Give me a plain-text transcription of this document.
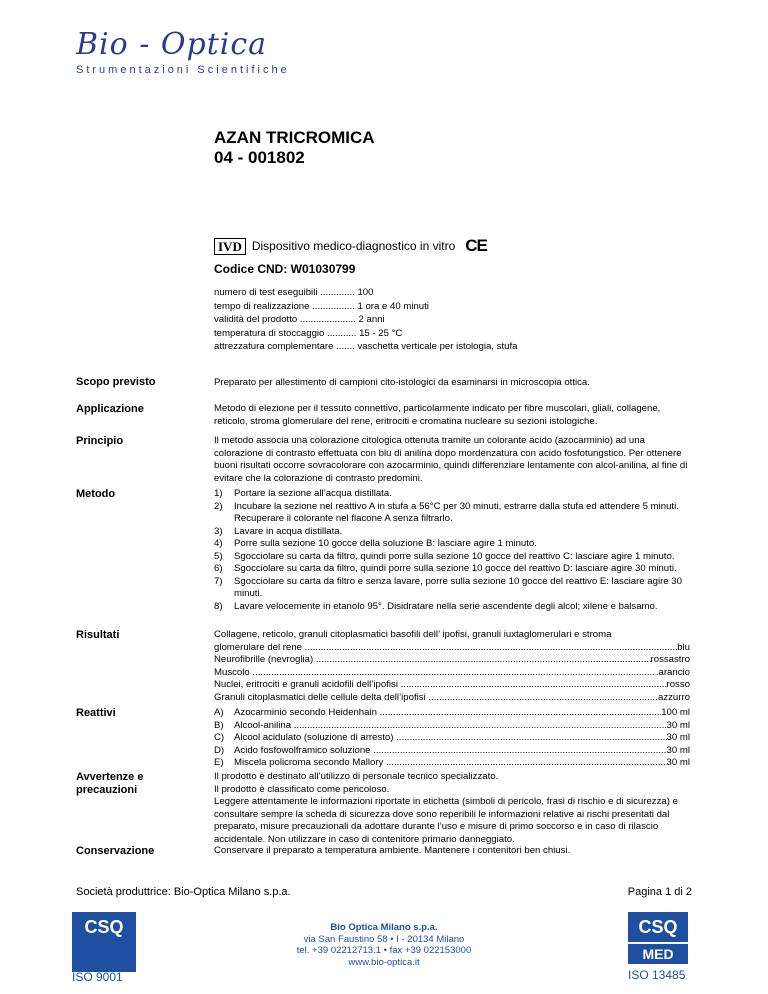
Bio - Optica
Strumentazioni Scientifiche
AZAN TRICROMICA
04 - 001802
IVD Dispositivo medico-diagnostico in vitro CE
Codice CND: W01030799
numero di test eseguibili ............. 100
tempo di realizzazione ................ 1 ora e 40 minuti
validità del prodotto ..................... 2 anni
temperatura di stoccaggio ........... 15 - 25 °C
attrezzatura complementare ....... vaschetta verticale per istologia, stufa
Scopo previsto	Preparato per allestimento di campioni cito-istologici da esaminarsi in microscopia ottica.
Applicazione	Metodo di elezione per il tessuto connettivo, particolarmente indicato per fibre muscolari, gliali, collagene, reticolo, stroma glomerulare del rene, eritrociti e cromatina nucleare su sezioni istologiche.
Principio	Il metodo associa una colorazione citologica ottenuta tramite un colorante acido (azocarminio) ad una colorazione di contrasto effettuata con blu di anilina dopo mordenzatura con acido fosfotungstico. Per ottenere buoni risultati occorre sovracolorare con azocarminio, quindi differenziare lentamente con alcol-anilina, al fine di evitare che la colorazione di contrasto predomini.
Metodo	1)	Portare la sezione all’acqua distillata.
2)	Incubare la sezione nel reattivo A in stufa a 56°C per 30 minuti, estrarre dalla stufa ed attendere 5 minuti. Recuperare il colorante nel flacone A senza filtrarlo.
3)	Lavare in acqua distillata.
4)	Porre sulla sezione 10 gocce della soluzione B: lasciare agire 1 minuto.
5)	Sgocciolare su carta da filtro, quindi porre sulla sezione 10 gocce del reattivo C: lasciare agire 1 minuto.
6)	Sgocciolare su carta da filtro, quindi porre sulla sezione 10 gocce del reattivo D: lasciare agire 30 minuti.
7)	Sgocciolare su carta da filtro e senza lavare, porre sulla sezione 10 gocce del reattivo E: lasciare agire 30 minuti.
8)	Lavare velocemente in etanolo 95°. Disidratare nella serie ascendente degli alcol; xilene e balsamo.
Risultati	Collagene, reticolo, granuli citoplasmatici basofili dell’ ipofisi, granuli iuxtaglomerulari e stroma
glomerulare del rene .....	blu
Neurofibrille (nevroglia) .....	rossastro
Muscolo .....	.arancio
Nuclei, eritrociti e granuli acidofili dell’ipofisi .....	rosso
Granuli citoplasmatici delle cellule delta dell’ipofisi .....	azzurro
Reattivi	A)	Azocarminio secondo Heidenhain .....	100 ml
B)	Alcool-anilina .....	30 ml
C)	Alcool acidulato (soluzione di arresto) .....	30 ml
D)	Acido fosfowolframico soluzione .....	30 ml
E)	Miscela policroma secondo Mallory .....	30 ml
Avvertenze e precauzioni
Il prodotto è destinato all’utilizzo di personale tecnico specializzato.
Il prodotto è classificato come pericoloso.
Leggere attentamente le informazioni riportate in etichetta (simboli di pericolo, frasi di rischio e di sicurezza) e consultare sempre la scheda di sicurezza dove sono reperibili le informazioni relative ai rischi presentati dal preparato, misure precauzionali da adottare durante l’uso e misure di primo soccorso e in caso di rilascio accidentale. Non utilizzare in caso di contenitore primario danneggiato.
Conservazione	Conservare il preparato a temperatura ambiente. Mantenere i contenitori ben chiusi.
Società produttrice: Bio-Optica Milano s.p.a.	Pagina 1 di 2
CSQ
ISO 9001
Bio Optica Milano s.p.a.
via San Faustino 58 • I - 20134 Milano
tel. +39 02212713.1 • fax +39 022153000
www.bio-optica.it
CSQ
MED
ISO 13485
